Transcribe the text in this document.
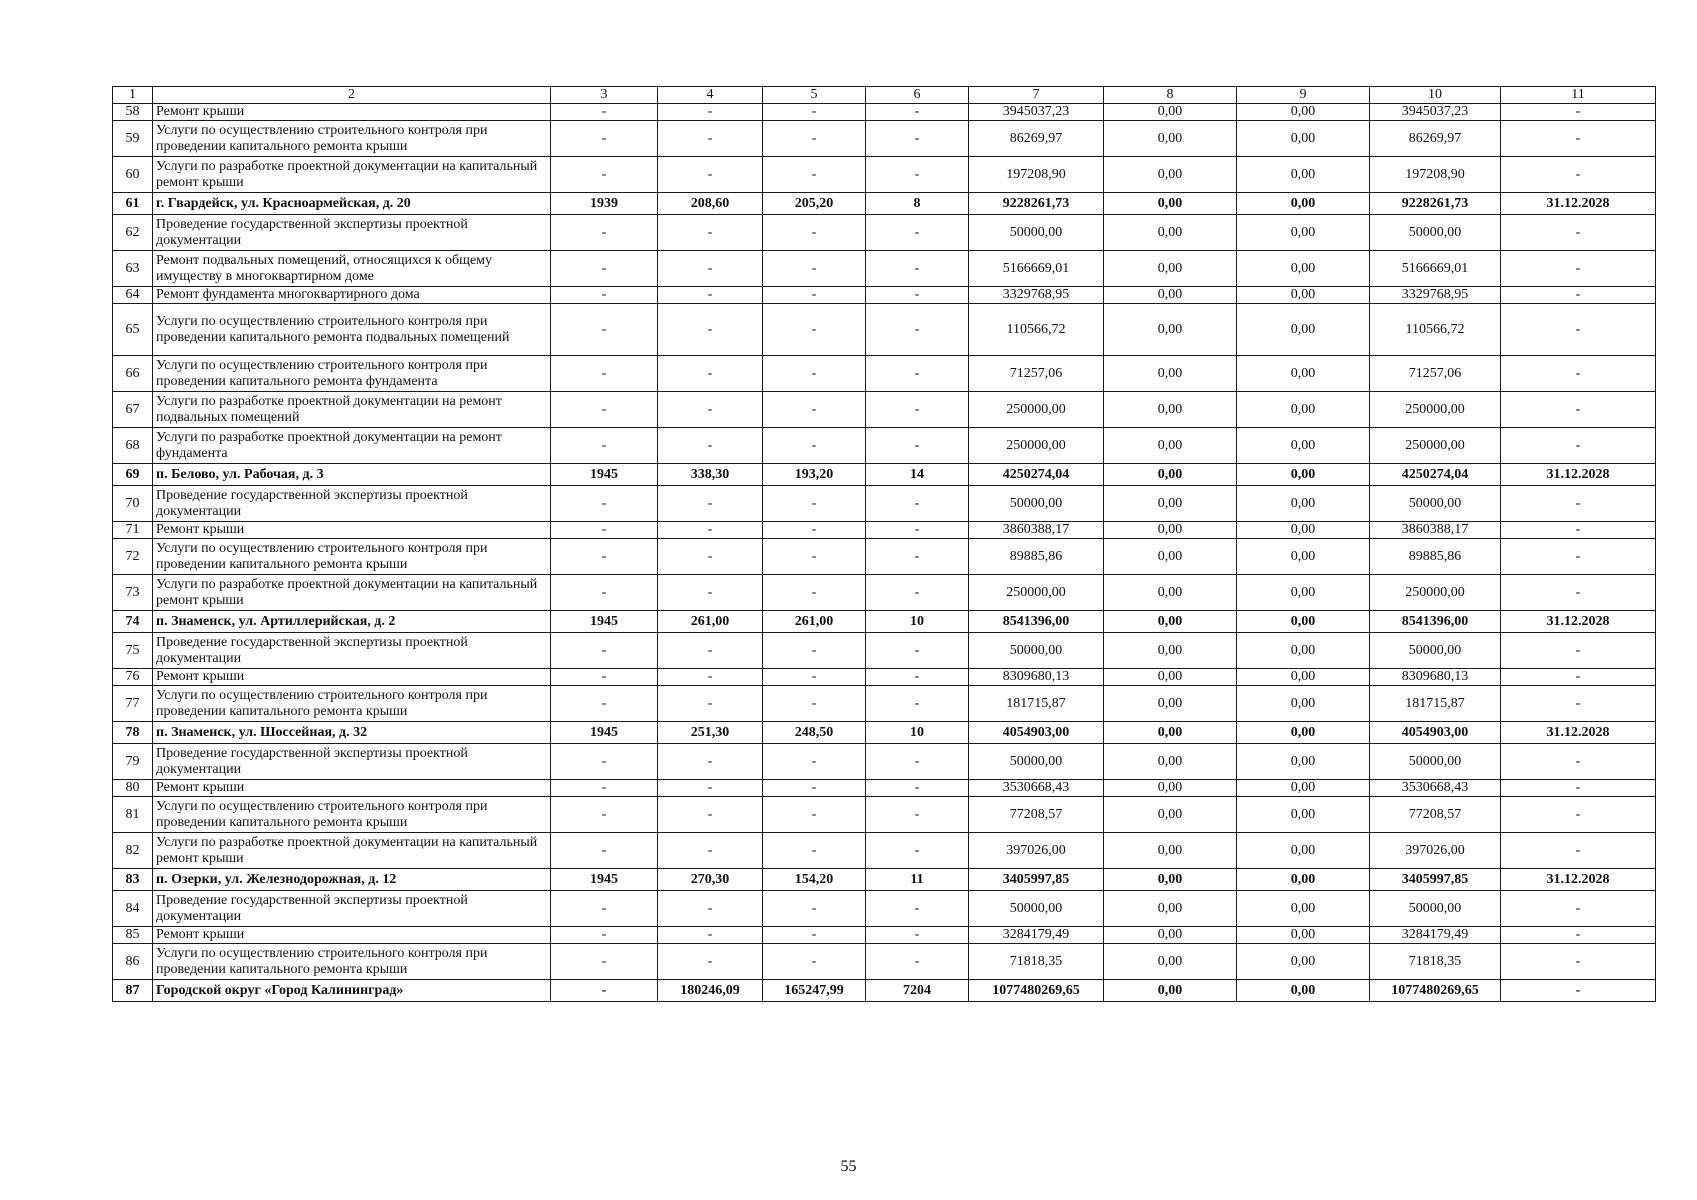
1	2	3	4	5	6	7	8	9	10	11
58	Ремонт крыши	-	-	-	-	3945037,23	0,00	0,00	3945037,23	-
59	Услуги по осуществлению строительного контроля при проведении капитального ремонта крыши	-	-	-	-	86269,97	0,00	0,00	86269,97	-
60	Услуги по разработке проектной документации на капитальный ремонт крыши	-	-	-	-	197208,90	0,00	0,00	197208,90	-
61	г. Гвардейск, ул. Красноармейская, д. 20	1939	208,60	205,20	8	9228261,73	0,00	0,00	9228261,73	31.12.2028
62	Проведение государственной экспертизы проектной документации	-	-	-	-	50000,00	0,00	0,00	50000,00	-
63	Ремонт подвальных помещений, относящихся к общему имуществу в многоквартирном доме	-	-	-	-	5166669,01	0,00	0,00	5166669,01	-
64	Ремонт фундамента многоквартирного дома	-	-	-	-	3329768,95	0,00	0,00	3329768,95	-
65	Услуги по осуществлению строительного контроля при проведении капитального ремонта подвальных помещений	-	-	-	-	110566,72	0,00	0,00	110566,72	-
66	Услуги по осуществлению строительного контроля при проведении капитального ремонта фундамента	-	-	-	-	71257,06	0,00	0,00	71257,06	-
67	Услуги по разработке проектной документации на ремонт подвальных помещений	-	-	-	-	250000,00	0,00	0,00	250000,00	-
68	Услуги по разработке проектной документации на ремонт фундамента	-	-	-	-	250000,00	0,00	0,00	250000,00	-
69	п. Белово, ул. Рабочая, д. 3	1945	338,30	193,20	14	4250274,04	0,00	0,00	4250274,04	31.12.2028
70	Проведение государственной экспертизы проектной документации	-	-	-	-	50000,00	0,00	0,00	50000,00	-
71	Ремонт крыши	-	-	-	-	3860388,17	0,00	0,00	3860388,17	-
72	Услуги по осуществлению строительного контроля при проведении капитального ремонта крыши	-	-	-	-	89885,86	0,00	0,00	89885,86	-
73	Услуги по разработке проектной документации на капитальный ремонт крыши	-	-	-	-	250000,00	0,00	0,00	250000,00	-
74	п. Знаменск, ул. Артиллерийская, д. 2	1945	261,00	261,00	10	8541396,00	0,00	0,00	8541396,00	31.12.2028
75	Проведение государственной экспертизы проектной документации	-	-	-	-	50000,00	0,00	0,00	50000,00	-
76	Ремонт крыши	-	-	-	-	8309680,13	0,00	0,00	8309680,13	-
77	Услуги по осуществлению строительного контроля при проведении капитального ремонта крыши	-	-	-	-	181715,87	0,00	0,00	181715,87	-
78	п. Знаменск, ул. Шоссейная, д. 32	1945	251,30	248,50	10	4054903,00	0,00	0,00	4054903,00	31.12.2028
79	Проведение государственной экспертизы проектной документации	-	-	-	-	50000,00	0,00	0,00	50000,00	-
80	Ремонт крыши	-	-	-	-	3530668,43	0,00	0,00	3530668,43	-
81	Услуги по осуществлению строительного контроля при проведении капитального ремонта крыши	-	-	-	-	77208,57	0,00	0,00	77208,57	-
82	Услуги по разработке проектной документации на капитальный ремонт крыши	-	-	-	-	397026,00	0,00	0,00	397026,00	-
83	п. Озерки, ул. Железнодорожная, д. 12	1945	270,30	154,20	11	3405997,85	0,00	0,00	3405997,85	31.12.2028
84	Проведение государственной экспертизы проектной документации	-	-	-	-	50000,00	0,00	0,00	50000,00	-
85	Ремонт крыши	-	-	-	-	3284179,49	0,00	0,00	3284179,49	-
86	Услуги по осуществлению строительного контроля при проведении капитального ремонта крыши	-	-	-	-	71818,35	0,00	0,00	71818,35	-
87	Городской округ «Город Калининград»	-	180246,09	165247,99	7204	1077480269,65	0,00	0,00	1077480269,65	-
55
